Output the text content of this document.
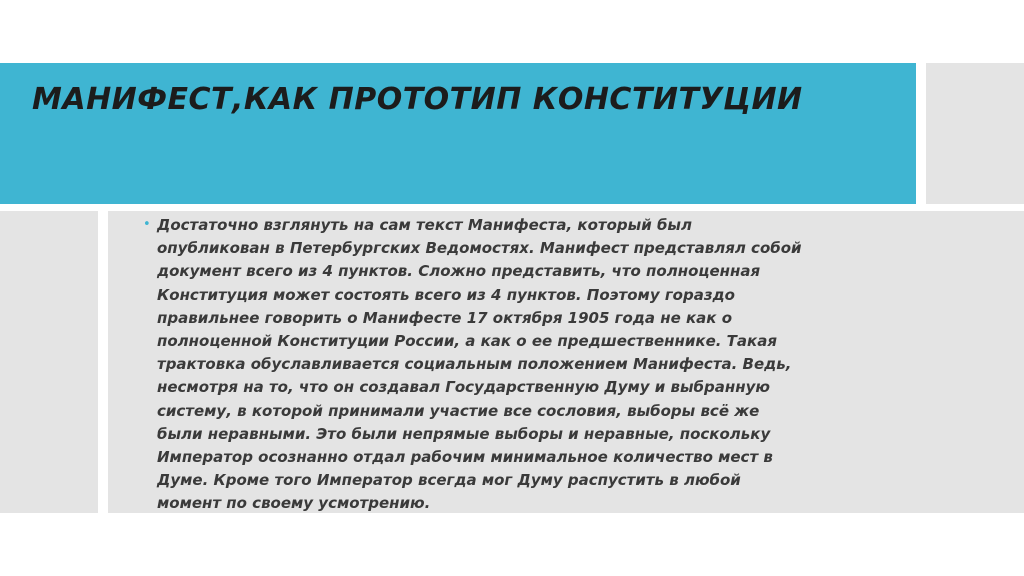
МАНИФЕСТ,КАК ПРОТОТИП КОНСТИТУЦИИ
• Достаточно взглянуть на сам текст Манифеста, который был
опубликован в Петербургских Ведомостях. Манифест представлял собой
документ всего из 4 пунктов. Сложно представить, что полноценная
Конституция может состоять всего из 4 пунктов. Поэтому гораздо
правильнее говорить о Манифесте 17 октября 1905 года не как о
полноценной Конституции России, а как о ее предшественнике. Такая
трактовка обуславливается социальным положением Манифеста. Ведь,
несмотря на то, что он создавал Государственную Думу и выбранную
систему, в которой принимали участие все сословия, выборы всё же
были неравными. Это были непрямые выборы и неравные, поскольку
Император осознанно отдал рабочим минимальное количество мест в
Думе. Кроме того Император всегда мог Думу распустить в любой
момент по своему усмотрению.
